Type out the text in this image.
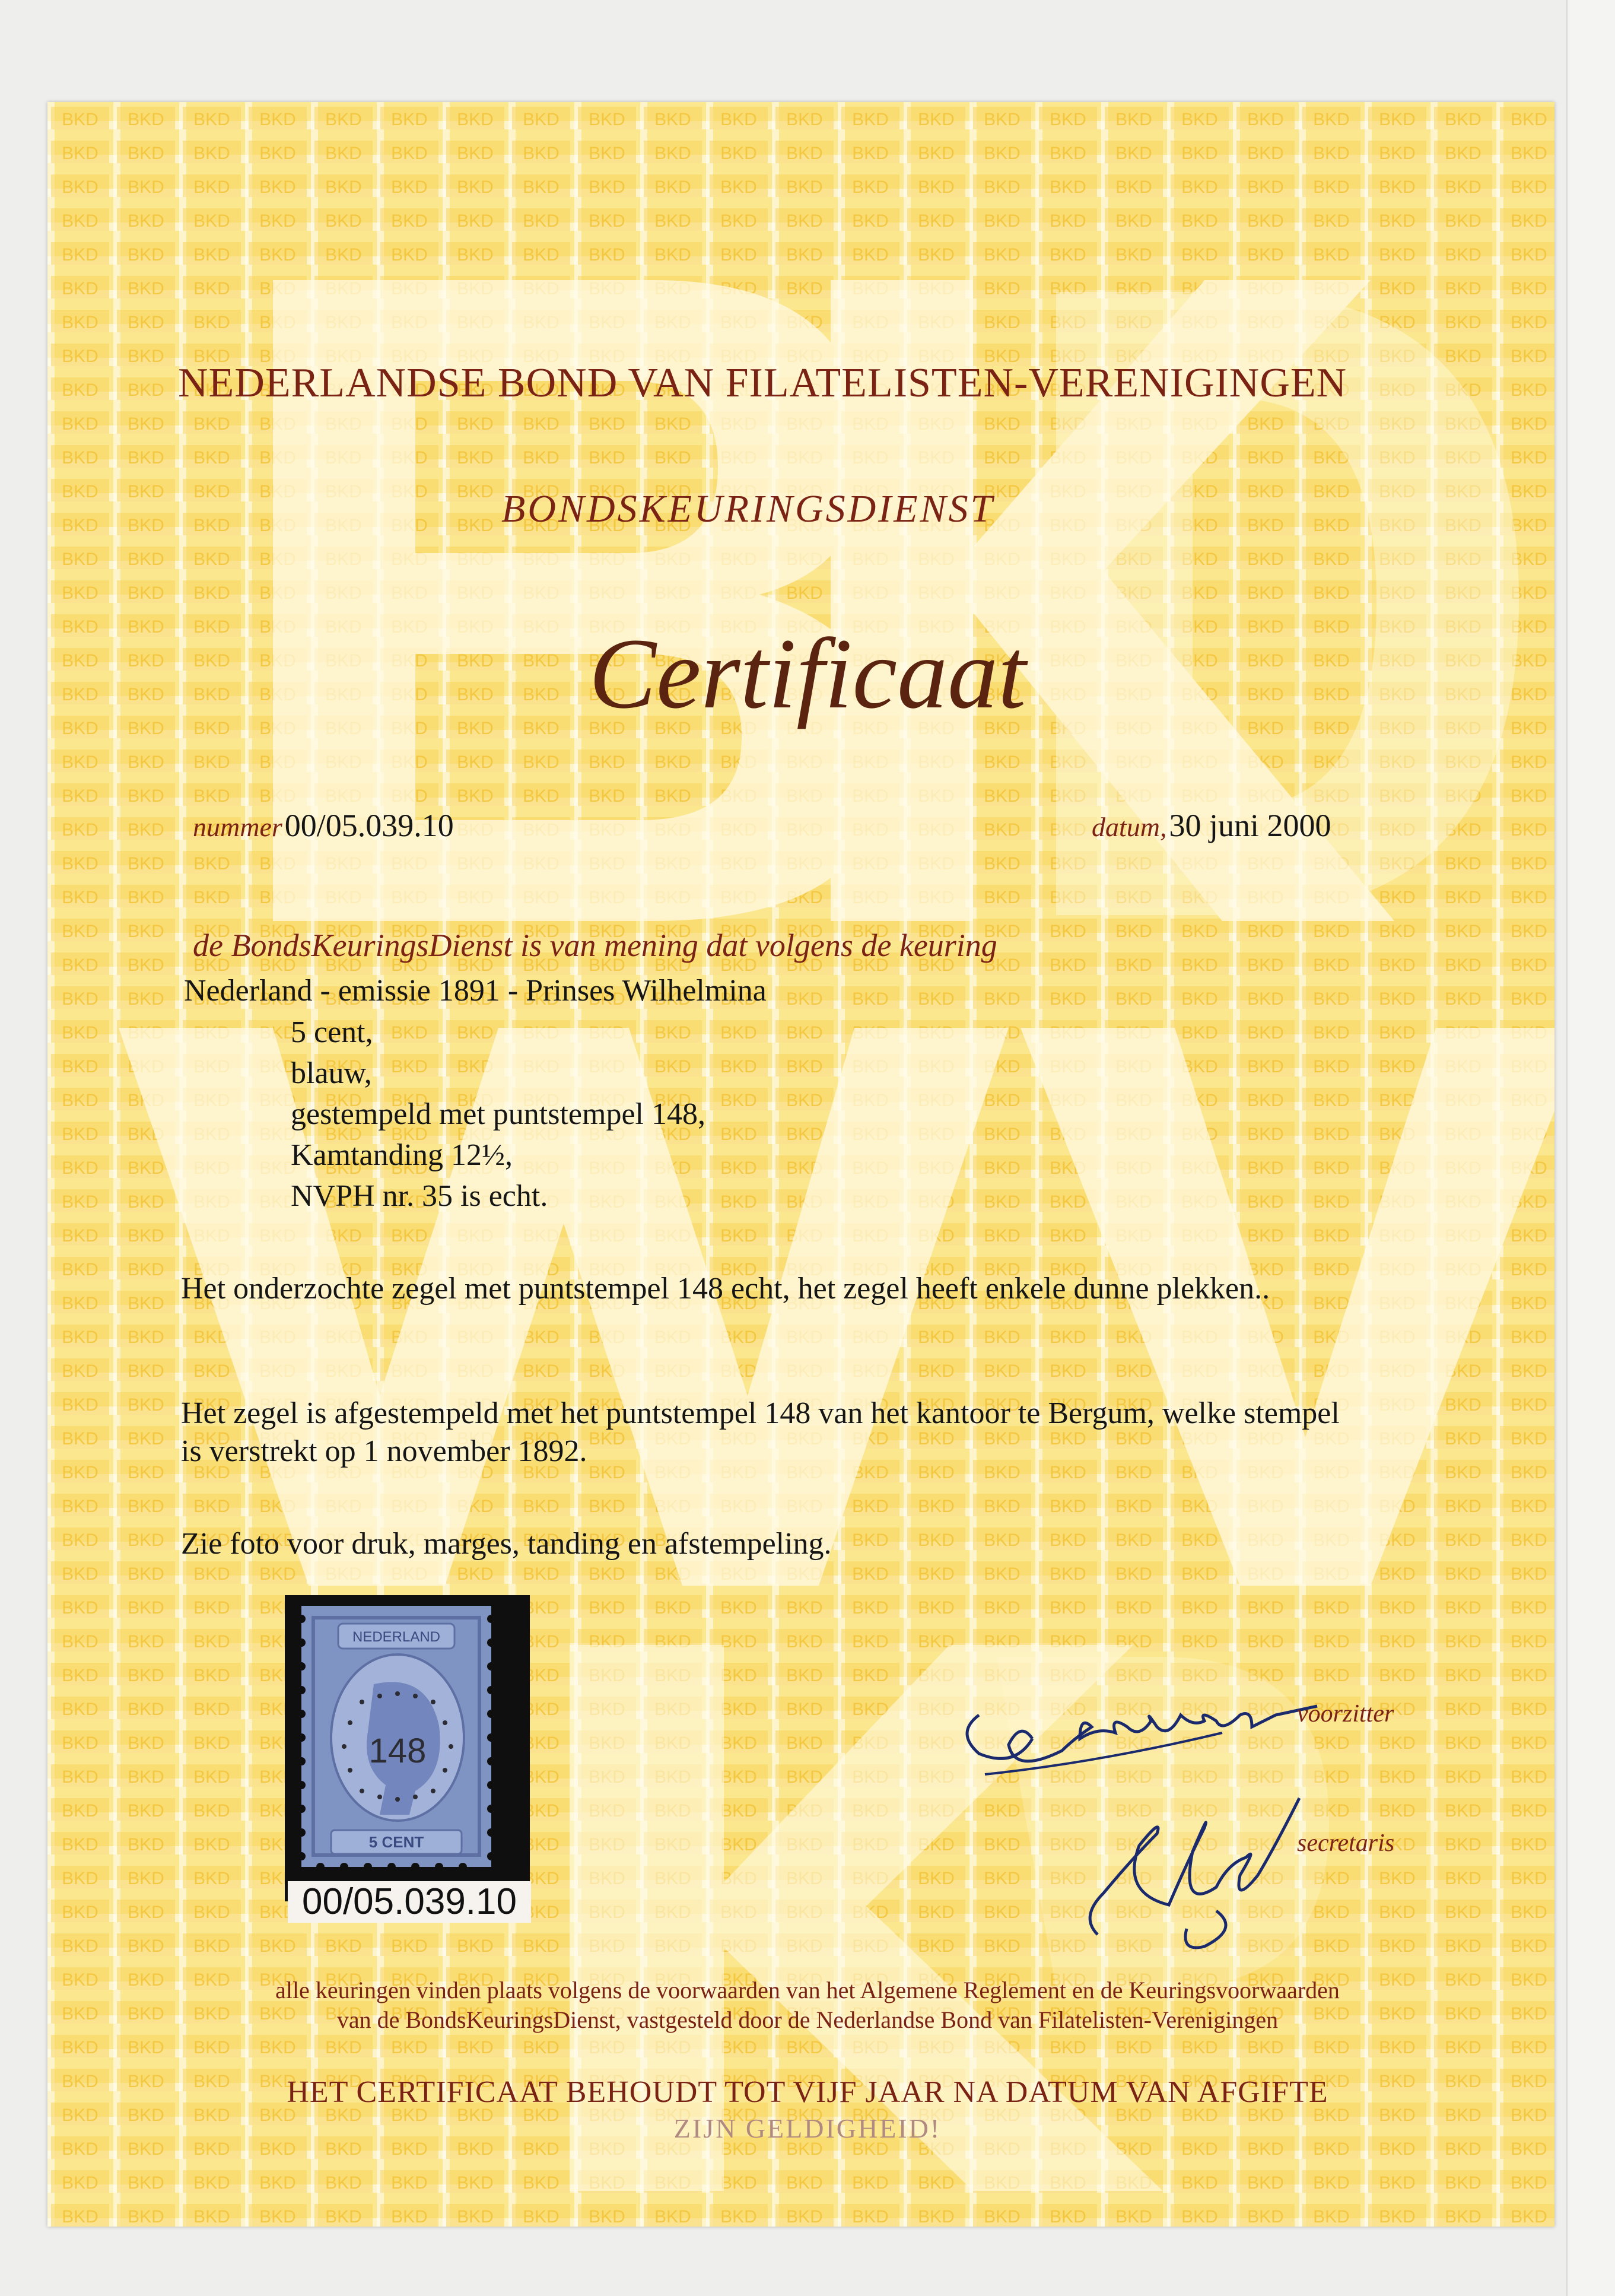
NEDERLANDSE BOND VAN FILATELISTEN-VERENIGINGEN
BONDSKEURINGSDIENST
Certificaat
nummer 00/05.039.10	datum, 30 juni 2000
de BondsKeuringsDienst is van mening dat volgens de keuring
Nederland - emissie 1891 - Prinses Wilhelmina
5 cent,
blauw,
gestempeld met puntstempel 148,
Kamtanding 12½,
NVPH nr. 35 is echt.
Het onderzochte zegel met puntstempel 148 echt, het zegel heeft enkele dunne plekken..
Het zegel is afgestempeld met het puntstempel 148 van het kantoor te Bergum, welke stempel is verstrekt op 1 november 1892.
Zie foto voor druk, marges, tanding en afstempeling.
NEDERLAND
5 CENT
148
00/05.039.10
voorzitter
secretaris
alle keuringen vinden plaats volgens de voorwaarden van het Algemene Reglement en de Keuringsvoorwaarden
van de BondsKeuringsDienst, vastgesteld door de Nederlandse Bond van Filatelisten-Verenigingen
HET CERTIFICAAT BEHOUDT TOT VIJF JAAR NA DATUM VAN AFGIFTE
ZIJN GELDIGHEID!
